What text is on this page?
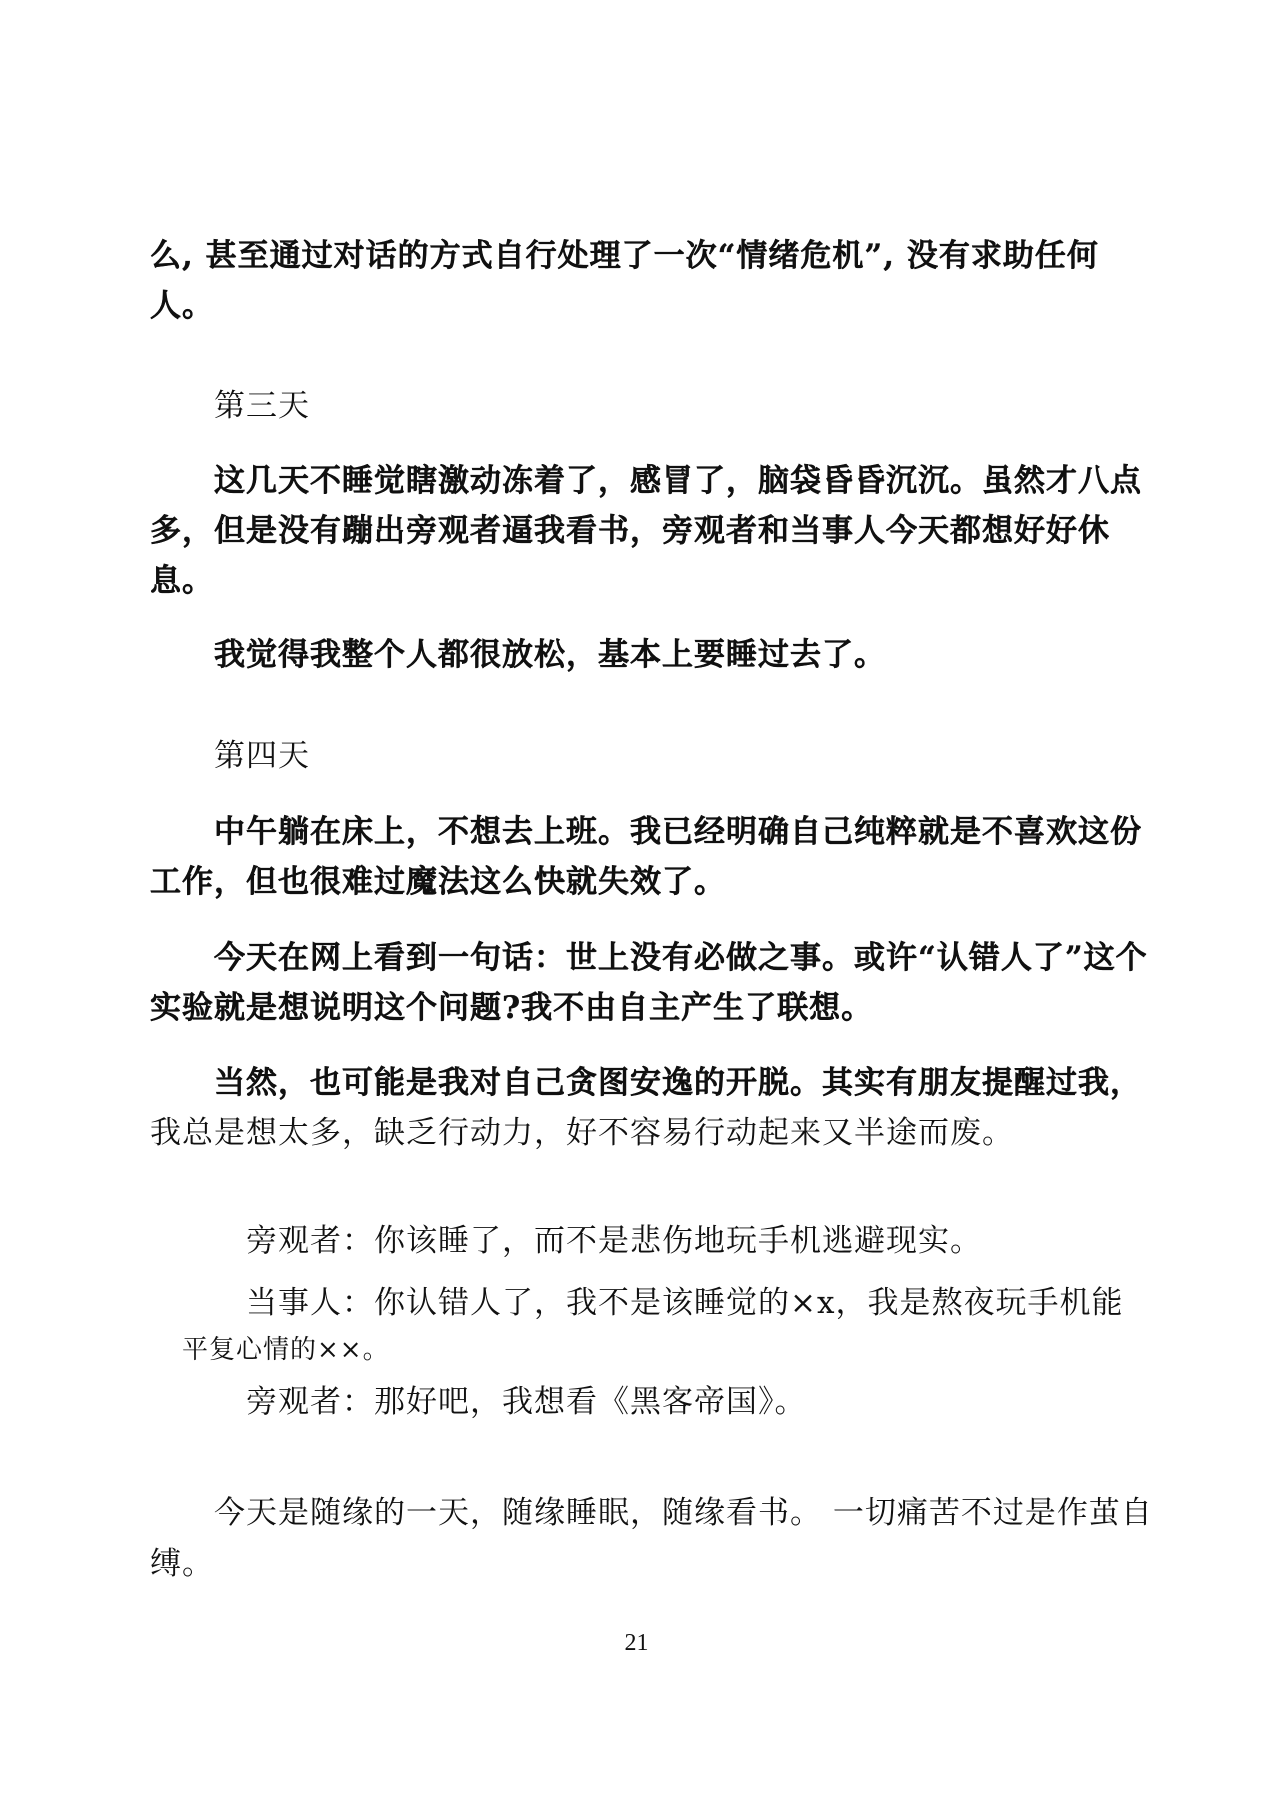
么, 甚至通过对话的方式自行处理了一次“情绪危机”, 没有求助任何
人。
第三天
这几天不睡觉瞎激动冻着了，感冒了，脑袋昏昏沉沉。虽然才八点
多，但是没有蹦出旁观者逼我看书，旁观者和当事人今天都想好好休
息。
我觉得我整个人都很放松，基本上要睡过去了。
第四天
中午躺在床上，不想去上班。我已经明确自己纯粹就是不喜欢这份
工作，但也很难过魔法这么快就失效了。
今天在网上看到一句话：世上没有必做之事。或许“认错人了”这个
实验就是想说明这个问题?我不由自主产生了联想。
当然，也可能是我对自己贪图安逸的开脱。其实有朋友提醒过我，
我总是想太多，缺乏行动力，好不容易行动起来又半途而废。
旁观者：你该睡了，而不是悲伤地玩手机逃避现实。
当事人：你认错人了，我不是该睡觉的×x，我是熬夜玩手机能
平复心情的××。
旁观者：那好吧，我想看《黑客帝国》。
今天是随缘的一天，随缘睡眠，随缘看书。 一切痛苦不过是作茧自
缚。
21
